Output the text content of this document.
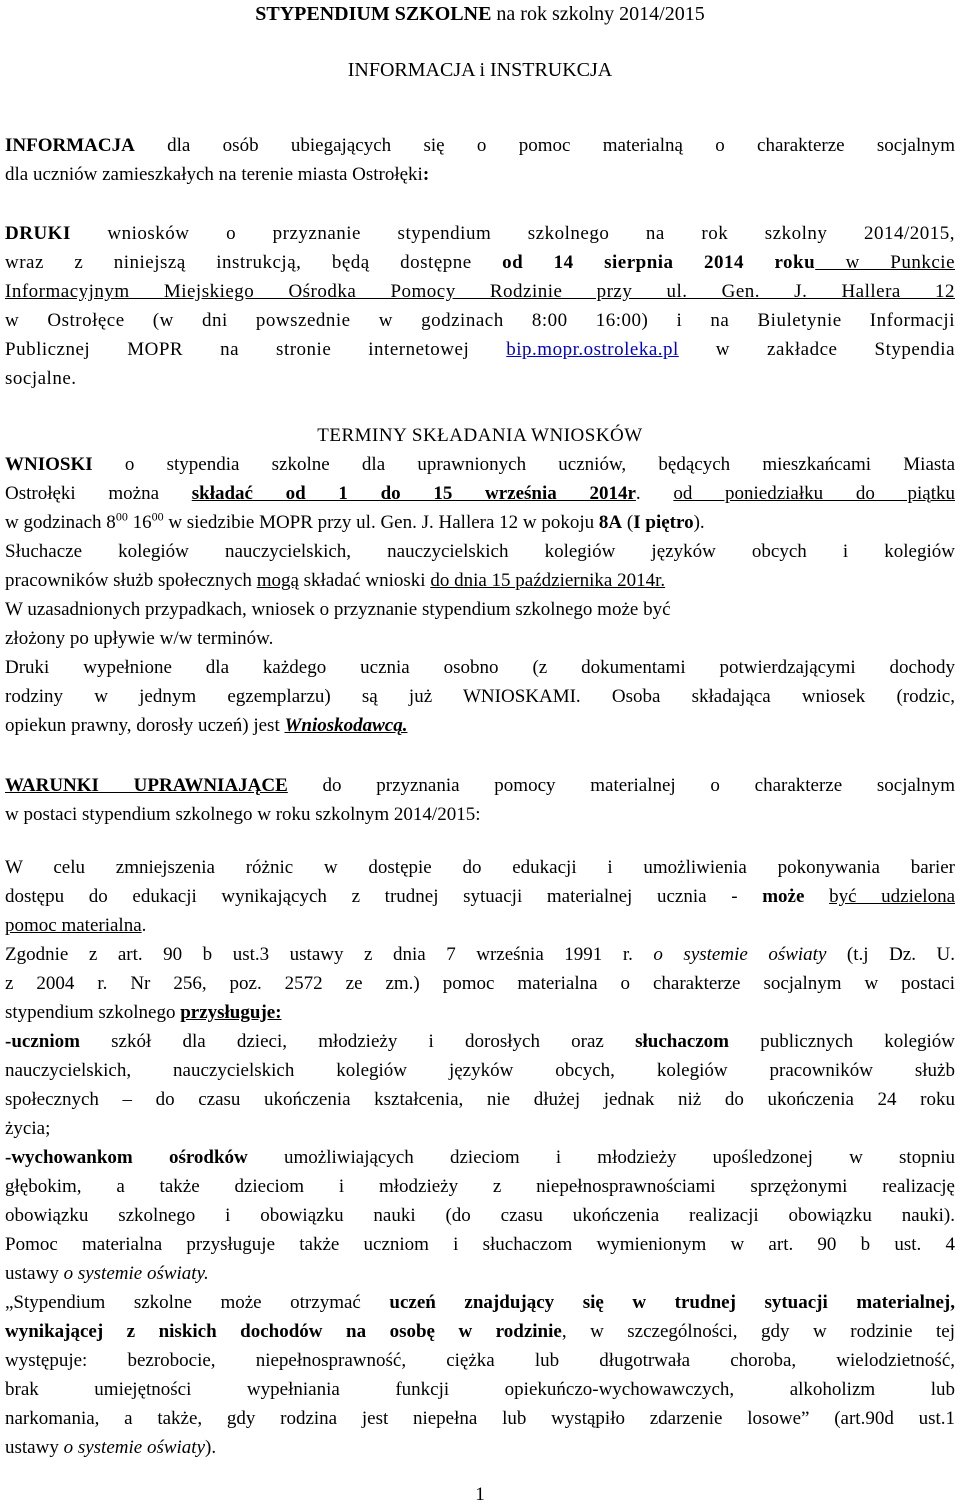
STYPENDIUM SZKOLNE na rok szkolny 2014/2015

INFORMACJA i INSTRUKCJA

INFORMACJA dla osób ubiegających się o pomoc materialną o charakterze socjalnym

dla uczniów zamieszkałych na terenie miasta Ostrołęki:

DRUKI wniosków o przyznanie stypendium szkolnego na rok szkolny 2014/2015,

wraz z niniejszą instrukcją, będą dostępne od 14 sierpnia 2014 roku w Punkcie

Informacyjnym Miejskiego Ośrodka Pomocy Rodzinie przy ul. Gen. J. Hallera 12

w Ostrołęce (w dni powszednie w godzinach 8:00 16:00) i na Biuletynie Informacji

Publicznej MOPR na stronie internetowej bip.mopr.ostroleka.pl w zakładce Stypendia

socjalne.

TERMINY SKŁADANIA WNIOSKÓW

WNIOSKI o stypendia szkolne dla uprawnionych uczniów, będących mieszkańcami Miasta

Ostrołęki można składać od 1 do 15 września 2014r. od poniedziałku do piątku

w godzinach $8^{00}$ $16^{00}$ w siedzibie MOPR przy ul. Gen. J. Hallera 12 w pokoju 8A (I piętro).

Słuchacze kolegiów nauczycielskich, nauczycielskich kolegiów języków obcych i kolegiów

pracowników służb społecznych mogą składać wnioski do dnia 15 października 2014r.

W uzasadnionych przypadkach, wniosek o przyznanie stypendium szkolnego może być

złożony po upływie w/w terminów.

Druki wypełnione dla każdego ucznia osobno (z dokumentami potwierdzającymi dochody

rodziny w jednym egzemplarzu) są już WNIOSKAMI. Osoba składająca wniosek (rodzic,

opiekun prawny, dorosły uczeń) jest Wnioskodawcą.

WARUNKI UPRAWNIAJĄCE do przyznania pomocy materialnej o charakterze socjalnym

w postaci stypendium szkolnego w roku szkolnym 2014/2015:

W celu zmniejszenia różnic w dostępie do edukacji i umożliwienia pokonywania barier

dostępu do edukacji wynikających z trudnej sytuacji materialnej ucznia - może być udzielona

pomoc materialna.

Zgodnie z art. 90 b ust.3 ustawy z dnia 7 września 1991 r. o systemie oświaty (t.j Dz. U.

z 2004 r. Nr 256, poz. 2572 ze zm.) pomoc materialna o charakterze socjalnym w postaci

stypendium szkolnego przysługuje:

-uczniom szkół dla dzieci, młodzieży i dorosłych oraz słuchaczom publicznych kolegiów

nauczycielskich, nauczycielskich kolegiów języków obcych, kolegiów pracowników służb

społecznych – do czasu ukończenia kształcenia, nie dłużej jednak niż do ukończenia 24 roku

życia;

-wychowankom ośrodków umożliwiających dzieciom i młodzieży upośledzonej w stopniu

głębokim, a także dzieciom i młodzieży z niepełnosprawnościami sprzężonymi realizację

obowiązku szkolnego i obowiązku nauki (do czasu ukończenia realizacji obowiązku nauki).

Pomoc materialna przysługuje także uczniom i słuchaczom wymienionym w art. 90 b ust. 4

ustawy o systemie oświaty.

„Stypendium szkolne może otrzymać uczeń znajdujący się w trudnej sytuacji materialnej,

wynikającej z niskich dochodów na osobę w rodzinie, w szczególności, gdy w rodzinie tej

występuje: bezrobocie, niepełnosprawność, ciężka lub długotrwała choroba, wielodzietność,

brak umiejętności wypełniania funkcji opiekuńczo-wychowawczych, alkoholizm lub

narkomania, a także, gdy rodzina jest niepełna lub wystąpiło zdarzenie losowe” (art.90d ust.1

ustawy o systemie oświaty).

1
